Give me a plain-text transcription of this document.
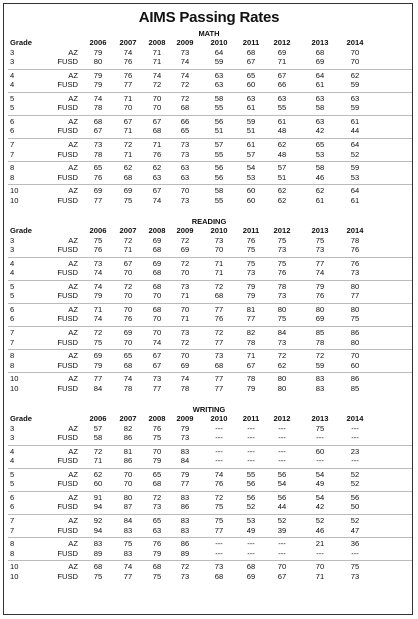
AIMS Passing Rates
MATH
Grade	2006	2007	2008	2009	2010	2011	2012	2013	2014
3	AZ	79	74	71	73	64	68	69	68	70
3	FUSD	80	76	71	74	59	67	71	69	70
4	AZ	79	76	74	74	63	65	67	64	62
4	FUSD	79	77	72	72	63	60	66	61	59
5	AZ	74	71	70	72	58	63	63	63	63
5	FUSD	78	70	70	68	55	61	55	58	59
6	AZ	68	67	67	66	56	59	61	63	61
6	FUSD	67	71	68	65	51	51	48	42	44
7	AZ	73	72	71	73	57	61	62	65	64
7	FUSD	78	71	76	73	55	57	48	53	52
8	AZ	65	62	62	63	56	54	57	58	59
8	FUSD	76	68	63	63	56	53	51	46	53
10	AZ	69	69	67	70	58	60	62	62	64
10	FUSD	77	75	74	73	55	60	62	61	61
READING
Grade	2006	2007	2008	2009	2010	2011	2012	2013	2014
3	AZ	75	72	69	72	73	76	75	75	78
3	FUSD	76	71	68	69	70	75	73	73	76
4	AZ	73	67	69	72	71	75	75	77	76
4	FUSD	74	70	68	70	71	73	76	74	73
5	AZ	74	72	68	73	72	79	78	79	80
5	FUSD	79	70	70	71	68	79	73	76	77
6	AZ	71	70	68	70	77	81	80	80	80
6	FUSD	74	76	70	71	76	77	75	69	75
7	AZ	72	69	70	73	72	82	84	85	86
7	FUSD	75	70	74	72	77	78	73	78	80
8	AZ	69	65	67	70	73	71	72	72	70
8	FUSD	79	68	67	69	68	67	62	59	60
10	AZ	77	74	73	74	77	78	80	83	86
10	FUSD	84	78	77	78	77	79	80	83	85
WRITING
Grade	2006	2007	2008	2009	2010	2011	2012	2013	2014
3	AZ	57	82	76	79	---	---	---	75	---
3	FUSD	58	86	75	73	---	---	---	---	---
4	AZ	72	81	70	83	---	---	---	60	23
4	FUSD	71	86	79	84	---	---	---	---	---
5	AZ	62	70	65	79	74	55	56	54	52
5	FUSD	60	70	68	77	76	56	54	49	52
6	AZ	91	80	72	83	72	56	56	54	56
6	FUSD	94	87	73	86	75	52	44	42	50
7	AZ	92	84	65	83	75	53	52	52	52
7	FUSD	94	83	63	83	77	49	39	46	47
8	AZ	83	75	76	86	---	---	---	21	36
8	FUSD	89	83	79	89	---	---	---	---	---
10	AZ	68	74	68	72	73	68	70	70	75
10	FUSD	75	77	75	73	68	69	67	71	73
